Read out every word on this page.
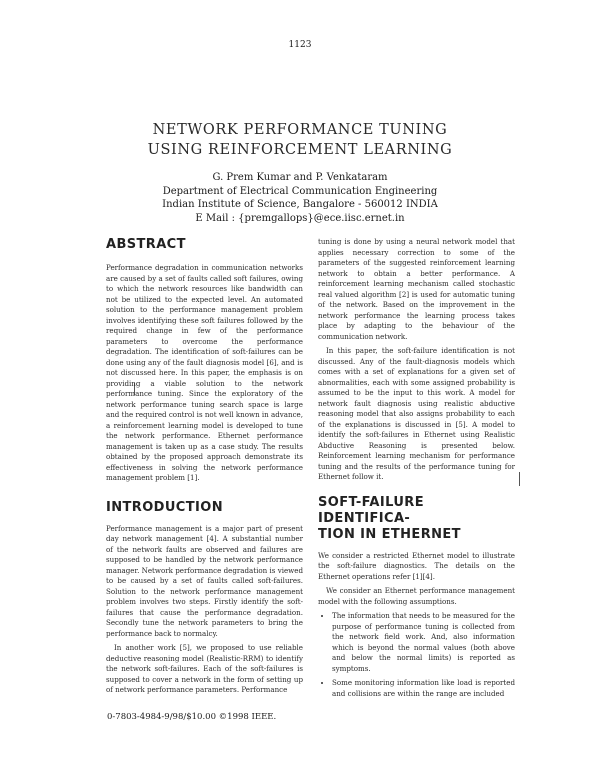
1123
NETWORK PERFORMANCE TUNING
USING REINFORCEMENT LEARNING
G. Prem Kumar and P. Venkataram
Department of Electrical Communication Engineering
Indian Institute of Science, Bangalore - 560012 INDIA
E Mail : {premgallops}@ece.iisc.ernet.in
ABSTRACT

Performance degradation in communication networks are caused by a set of faults called soft failures, owing to which the network resources like bandwidth can not be utilized to the expected level. An automated solution to the performance management problem involves identifying these soft failures followed by the required change in few of the performance parameters to overcome the performance degradation. The identification of soft-failures can be done using any of the fault diagnosis model [6], and is not discussed here. In this paper, the emphasis is on providing a viable solution to the network performance tuning. Since the exploratory of the network performance tuning search space is large and the required control is not well known in advance, a reinforcement learning model is developed to tune the network performance. Ethernet performance management is taken up as a case study. The results obtained by the proposed approach demonstrate its effectiveness in solving the network performance management problem [1].

INTRODUCTION

Performance management is a major part of present day network management [4]. A substantial number of the network faults are observed and failures are supposed to be handled by the network performance manager. Network performance degradation is viewed to be caused by a set of faults called soft-failures. Solution to the network performance management problem involves two steps. Firstly identify the soft-failures that cause the performance degradation. Secondly tune the network parameters to bring the performance back to normalcy.

In another work [5], we proposed to use reliable deductive reasoning model (Realistic-RRM) to identify the network soft-failures. Each of the soft-failures is supposed to cover a network in the form of setting up of network performance parameters. Performance

tuning is done by using a neural network model that applies necessary correction to some of the parameters of the suggested reinforcement learning network to obtain a better performance. A reinforcement learning mechanism called stochastic real valued algorithm [2] is used for automatic tuning of the network. Based on the improvement in the network performance the learning process takes place by adapting to the behaviour of the communication network.

In this paper, the soft-failure identification is not discussed. Any of the fault-diagnosis models which comes with a set of explanations for a given set of abnormalities, each with some assigned probability is assumed to be the input to this work. A model for network fault diagnosis using realistic abductive reasoning model that also assigns probability to each of the explanations is discussed in [5]. A model to identify the soft-failures in Ethernet using Realistic Abductive Reasoning is presented below. Reinforcement learning mechanism for performance tuning and the results of the performance tuning for Ethernet follow it.

SOFT-FAILURE IDENTIFICA-
TION IN ETHERNET

We consider a restricted Ethernet model to illustrate the soft-failure diagnostics. The details on the Ethernet operations refer [1][4].

We consider an Ethernet performance management model with the following assumptions.

• The information that needs to be measured for the purpose of performance tuning is collected from the network field work. And, also information which is beyond the normal values (both above and below the normal limits) is reported as symptoms.
• Some monitoring information like load is reported and collisions are within the range are included
0-7803-4984-9/98/$10.00 ©1998 IEEE.
